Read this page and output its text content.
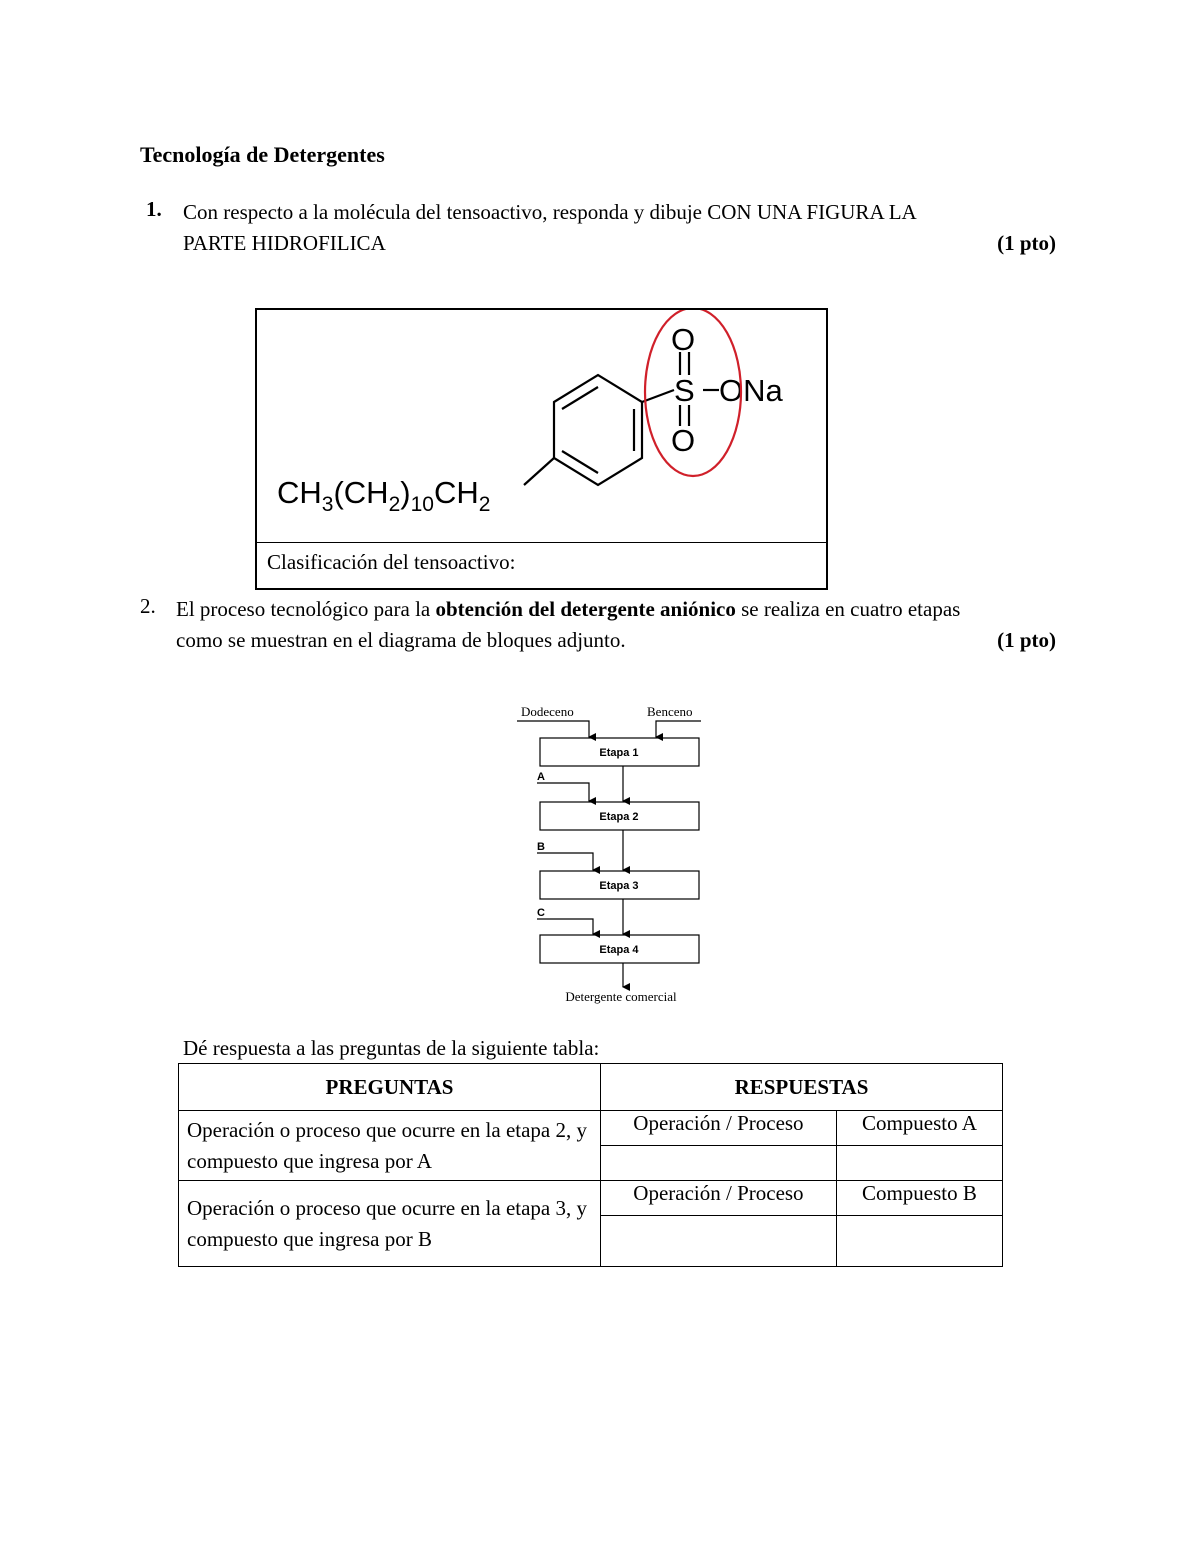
Tecnología de Detergentes
1. Con respecto a la molécula del tensoactivo, responda y dibuje CON UNA FIGURA LA
PARTE HIDROFILICA	(1 pto)
$CH_3(CH_2)_{10}CH_2$
O
S
O
ONa
Clasificación del tensoactivo:
2. El proceso tecnológico para la obtención del detergente aniónico se realiza en cuatro etapas
como se muestran en el diagrama de bloques adjunto.	(1 pto)
Dodeceno	Benceno
Etapa 1
Etapa 2
Etapa 3
Etapa 4
A
B
C
Detergente comercial
Dé respuesta a las preguntas de la siguiente tabla:
PREGUNTAS	RESPUESTAS	
Operación o proceso que ocurre en la etapa 2, y compuesto que ingresa por A	Operación / Proceso	Compuesto A

Operación o proceso que ocurre en la etapa 3, y compuesto que ingresa por B	Operación / Proceso	Compuesto B
